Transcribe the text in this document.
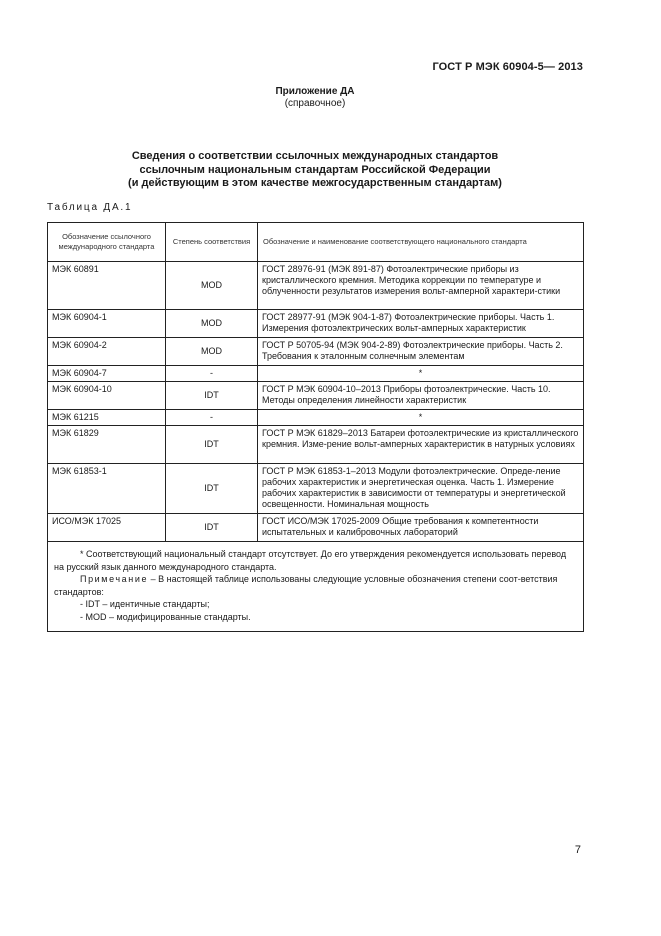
ГОСТ Р МЭК 60904-5— 2013
Приложение ДА
(справочное)
Сведения о соответствии ссылочных международных стандартов
ссылочным национальным стандартам Российской Федерации
(и действующим в этом качестве межгосударственным стандартам)
Таблица ДА.1
Обозначение ссылочного международного стандарта	Степень соответствия	Обозначение и наименование соответствующего национального стандарта
МЭК 60891	MOD	ГОСТ 28976-91 (МЭК 891-87) Фотоэлектрические приборы из кристаллического кремния. Методика коррекции по температуре и облученности результатов измерения вольт-амперной характери-стики
МЭК 60904-1	MOD	ГОСТ 28977-91 (МЭК 904-1-87) Фотоэлектрические приборы. Часть 1. Измерения фотоэлектрических вольт-амперных характеристик
МЭК 60904-2	MOD	ГОСТ Р 50705-94 (МЭК 904-2-89) Фотоэлектрические приборы. Часть 2. Требования к эталонным солнечным элементам
МЭК 60904-7	-	*
МЭК 60904-10	IDT	ГОСТ Р МЭК 60904-10–2013 Приборы фотоэлектрические. Часть 10. Методы определения линейности характеристик
МЭК 61215	-	*
МЭК 61829	IDT	ГОСТ Р МЭК 61829–2013 Батареи фотоэлектрические из кристаллического кремния. Изме-рение вольт-амперных характеристик в натурных условиях
МЭК 61853-1	IDT	ГОСТ Р МЭК 61853-1–2013 Модули фотоэлектрические. Опреде-ление рабочих характеристик и энергетическая оценка. Часть 1. Измерение рабочих характеристик в зависимости от температуры и энергетической освещенности. Номинальная мощность
ИСО/МЭК 17025	IDT	ГОСТ ИСО/МЭК 17025-2009 Общие требования к компетентности испытательных и калибровочных лабораторий

* Соответствующий национальный стандарт отсутствует. До его утверждения рекомендуется использовать перевод на русский язык данного международного стандарта.

Примечание – В настоящей таблице использованы следующие условные обозначения степени соот-ветствия стандартов:

- IDT – идентичные стандарты;

- MOD – модифицированные стандарты.		

7
